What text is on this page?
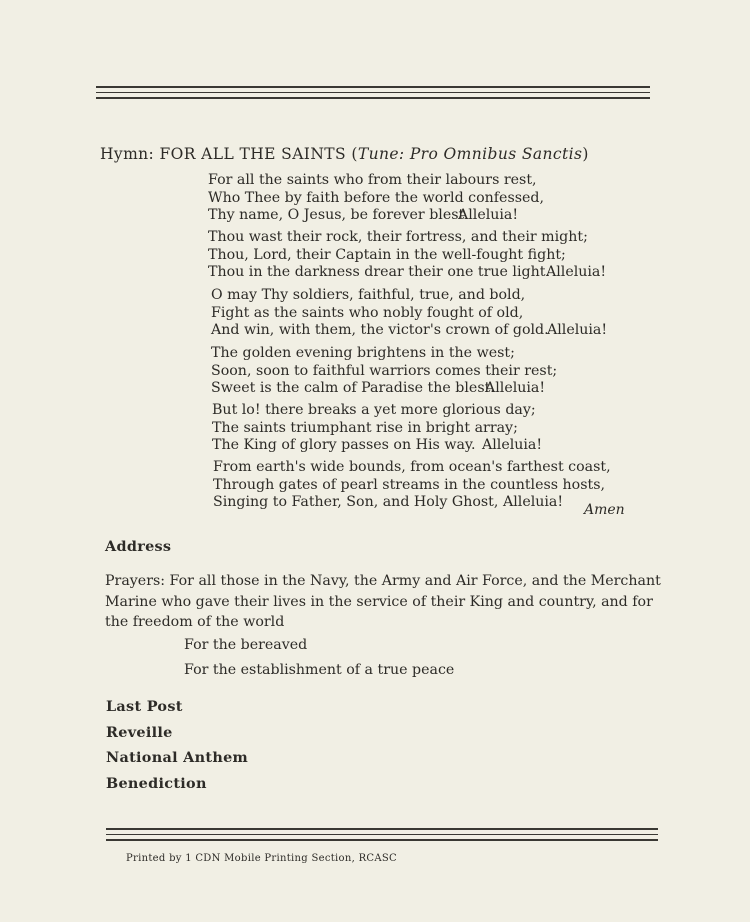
Hymn: FOR ALL THE SAINTS (Tune: Pro Omnibus Sanctis)
For all the saints who from their labours rest,
Who Thee by faith before the world confessed,
Thy name, O Jesus, be forever blest.
Alleluia!
Thou wast their rock, their fortress, and their might;
Thou, Lord, their Captain in the well-fought fight;
Thou in the darkness drear their one true light.
Alleluia!
O may Thy soldiers, faithful, true, and bold,
Fight as the saints who nobly fought of old,
And win, with them, the victor's crown of gold.
Alleluia!
The golden evening brightens in the west;
Soon, soon to faithful warriors comes their rest;
Sweet is the calm of Paradise the blest.
Alleluia!
But lo! there breaks a yet more glorious day;
The saints triumphant rise in bright array;
The King of glory passes on His way. Alleluia!
From earth's wide bounds, from ocean's farthest coast,
Through gates of pearl streams in the countless hosts,
Singing to Father, Son, and Holy Ghost, Alleluia! Amen
Address
Prayers: For all those in the Navy, the Army and Air Force, and the Merchant Marine who gave their lives in the service of their King and country, and for the freedom of the world
For the bereaved
For the establishment of a true peace
Last Post
Reveille
National Anthem
Benediction
Printed by 1 CDN Mobile Printing Section, RCASC
